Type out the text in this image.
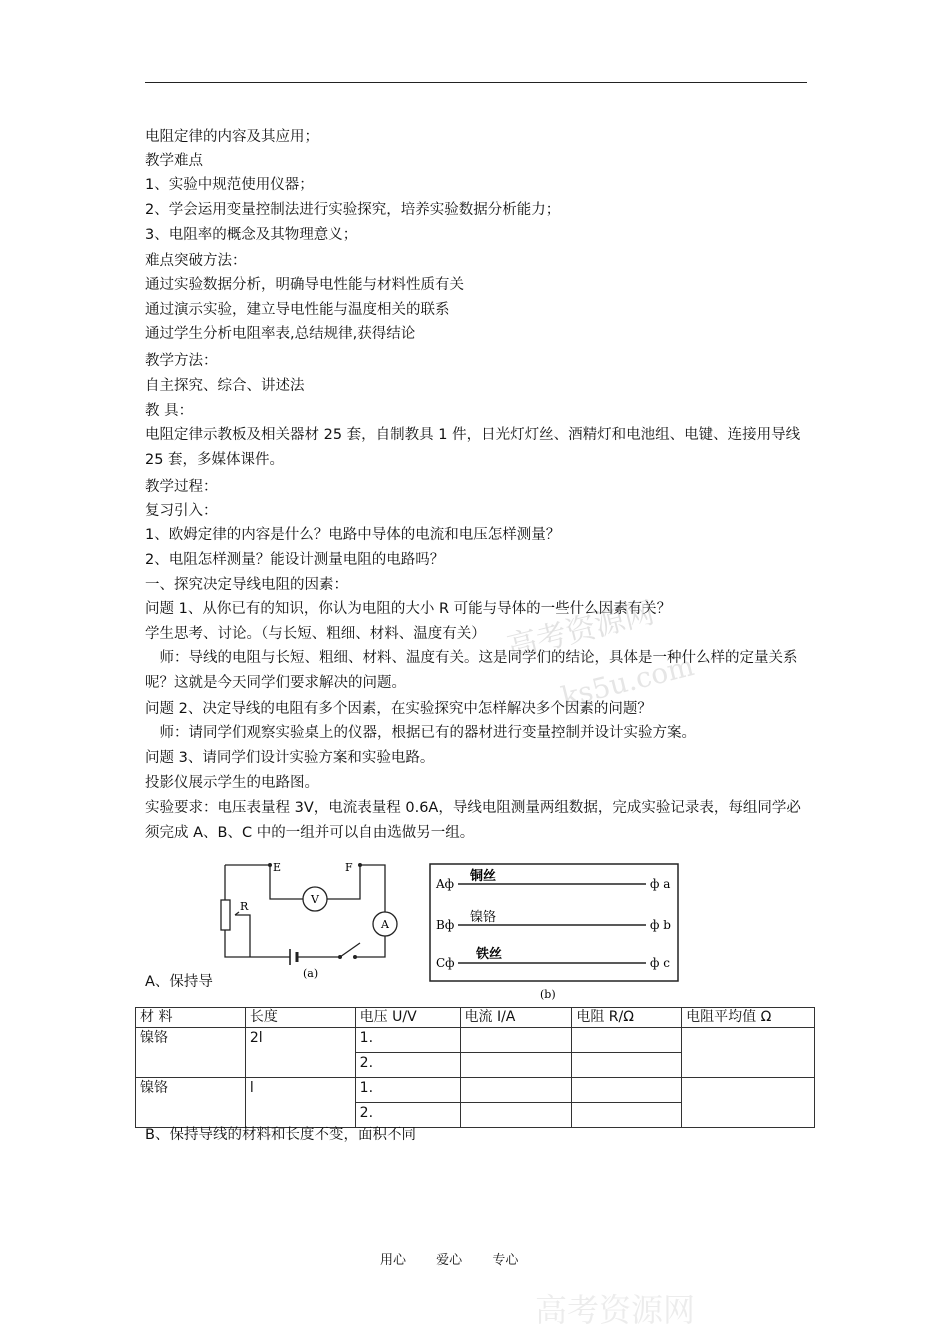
高考资源网
ks5u.com
高考资源网
电阻定律的内容及其应用；
教学难点
1、实验中规范使用仪器；
2、学会运用变量控制法进行实验探究，培养实验数据分析能力；
3、电阻率的概念及其物理意义；
难点突破方法：
通过实验数据分析，明确导电性能与材料性质有关
通过演示实验，建立导电性能与温度相关的联系
通过学生分析电阻率表,总结规律,获得结论
教学方法：
自主探究、综合、讲述法
教 具：
电阻定律示教板及相关器材 25 套，自制教具 1 件，日光灯灯丝、酒精灯和电池组、电键、连接用导线 25 套，多媒体课件。
教学过程：
复习引入：
1、欧姆定律的内容是什么？电路中导体的电流和电压怎样测量？
2、电阻怎样测量？能设计测量电阻的电路吗？
一、探究决定导线电阻的因素：
问题 1、从你已有的知识，你认为电阻的大小 R 可能与导体的一些什么因素有关？
学生思考、讨论。（与长短、粗细、材料、温度有关）
　师：导线的电阻与长短、粗细、材料、温度有关。这是同学们的结论，具体是一种什么样的定量关系呢？这就是今天同学们要求解决的问题。
问题 2、决定导线的电阻有多个因素，在实验探究中怎样解决多个因素的问题？
　师：请同学们观察实验桌上的仪器，根据已有的器材进行变量控制并设计实验方案。
问题 3、请同学们设计实验方案和实验电路。
投影仪展示学生的电路图。
实验要求：电压表量程 3V，电流表量程 0.6A，导线电阻测量两组数据，完成实验记录表，每组同学必须完成 A、B、C 中的一组并可以自由选做另一组。
E	F
R
V
A
(a)
Aф	ф a
铜丝
Bф	ф b
镍铬
Cф	ф c
铁丝
(b)
A、保持导
材 料	长度	电压 U/V	电流 I/A	电阻 R/Ω	电阻平均值 Ω
镍铬	2l	1.			
		2.			
镍铬	l	1.			
		2.			
B、保持导线的材料和长度不变，面积不同
用心 爱心 专心
